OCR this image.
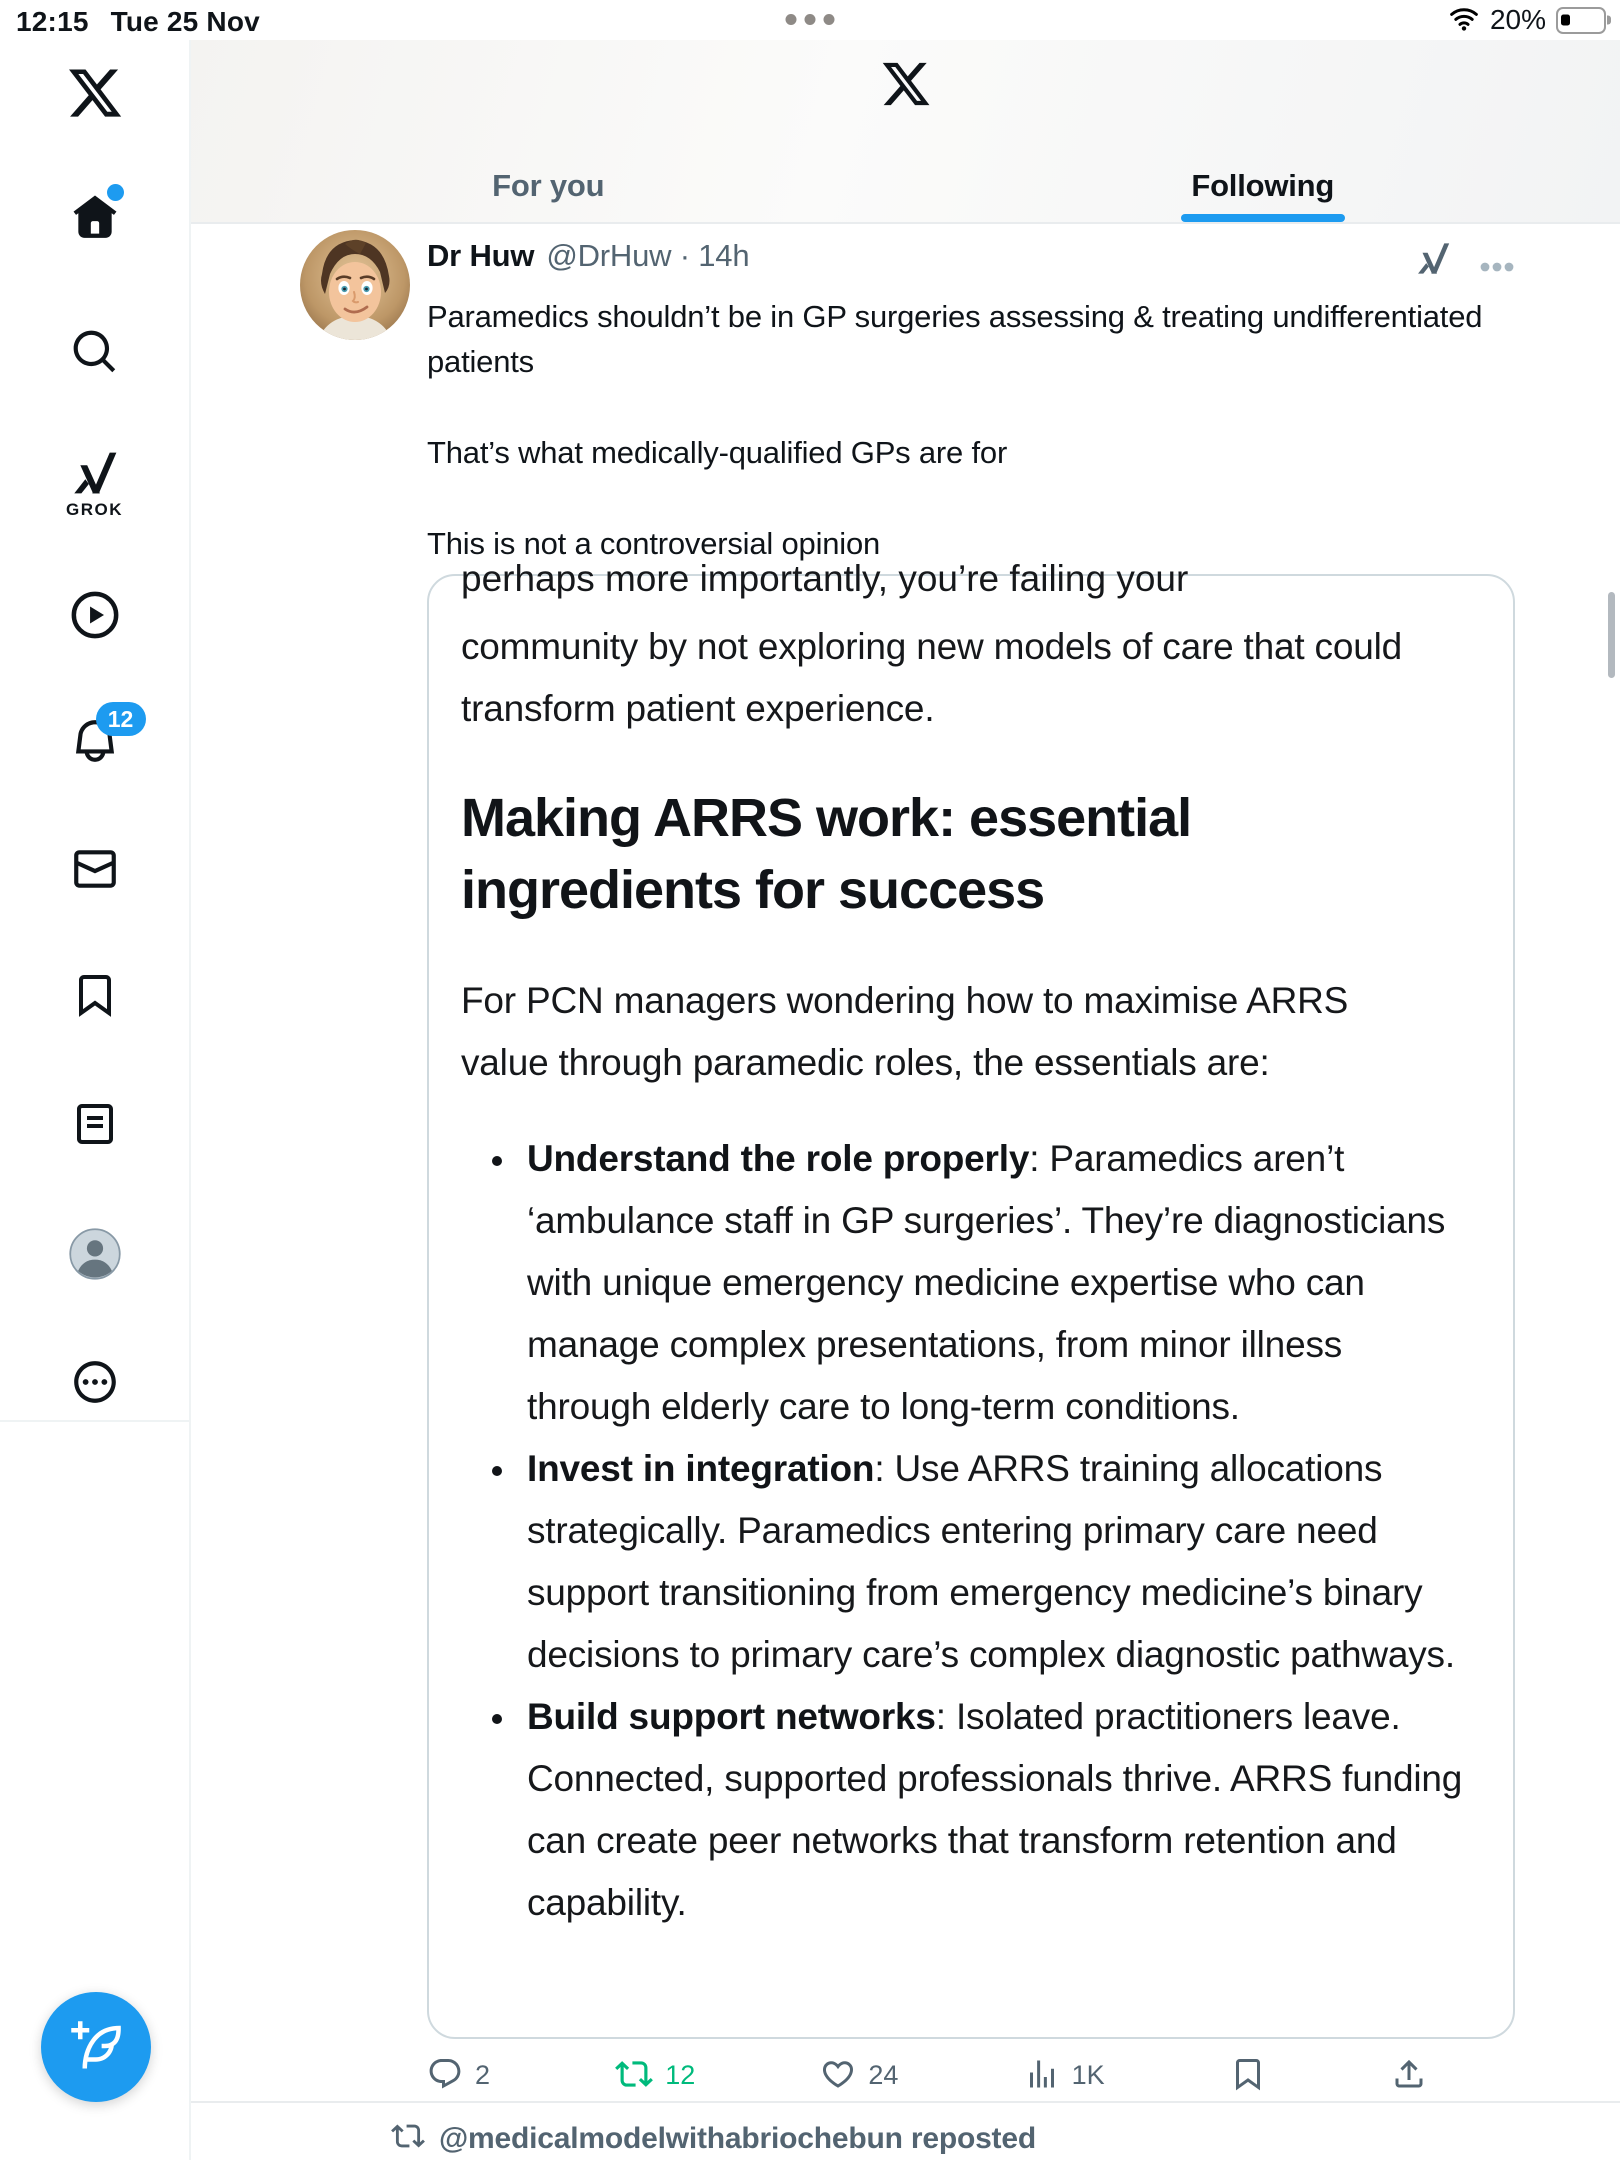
12:15 Tue 25 Nov	20%
GROK
12
For you	Following
Dr Huw @DrHuw · 14h

Paramedics shouldn’t be in GP surgeries assessing & treating undifferentiated patients

That’s what medically-qualified GPs are for

This is not a controversial opinion

perhaps more importantly, you’re failing your

community by not exploring new models of care that could transform patient experience.

Making ARRS work: essential ingredients for success

For PCN managers wondering how to maximise ARRS value through paramedic roles, the essentials are:

• Understand the role properly: Paramedics aren’t ‘ambulance staff in GP surgeries’. They’re diagnosticians with unique emergency medicine expertise who can manage complex presentations, from minor illness through elderly care to long-term conditions.
• Invest in integration: Use ARRS training allocations strategically. Paramedics entering primary care need support transitioning from emergency medicine’s binary decisions to primary care’s complex diagnostic pathways.
• Build support networks: Isolated practitioners leave. Connected, supported professionals thrive. ARRS funding can create peer networks that transform retention and capability.
2	12	24	1K
@medicalmodelwithabriochebun reposted
